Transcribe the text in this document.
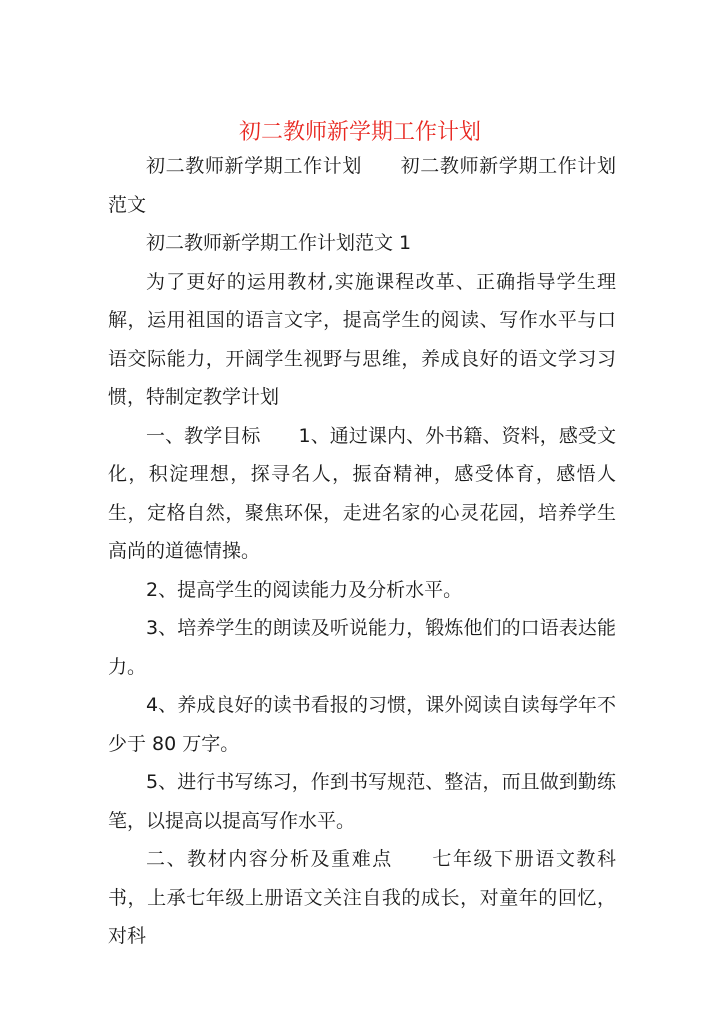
初二教师新学期工作计划

初二教师新学期工作计划 初二教师新学期工作计划范文

初二教师新学期工作计划范文 1

为了更好的运用教材,实施课程改革、正确指导学生理解，运用祖国的语言文字，提高学生的阅读、写作水平与口语交际能力，开阔学生视野与思维，养成良好的语文学习习惯，特制定教学计划

一、教学目标 1、通过课内、外书籍、资料，感受文化，积淀理想，探寻名人，振奋精神，感受体育，感悟人生，定格自然，聚焦环保，走进名家的心灵花园，培养学生高尚的道德情操。

2、提高学生的阅读能力及分析水平。

3、培养学生的朗读及听说能力，锻炼他们的口语表达能力。

4、养成良好的读书看报的习惯，课外阅读自读每学年不少于 80 万字。

5、进行书写练习，作到书写规范、整洁，而且做到勤练笔，以提高以提高写作水平。

二、教材内容分析及重难点 七年级下册语文教科书，上承七年级上册语文关注自我的成长，对童年的回忆，对科
